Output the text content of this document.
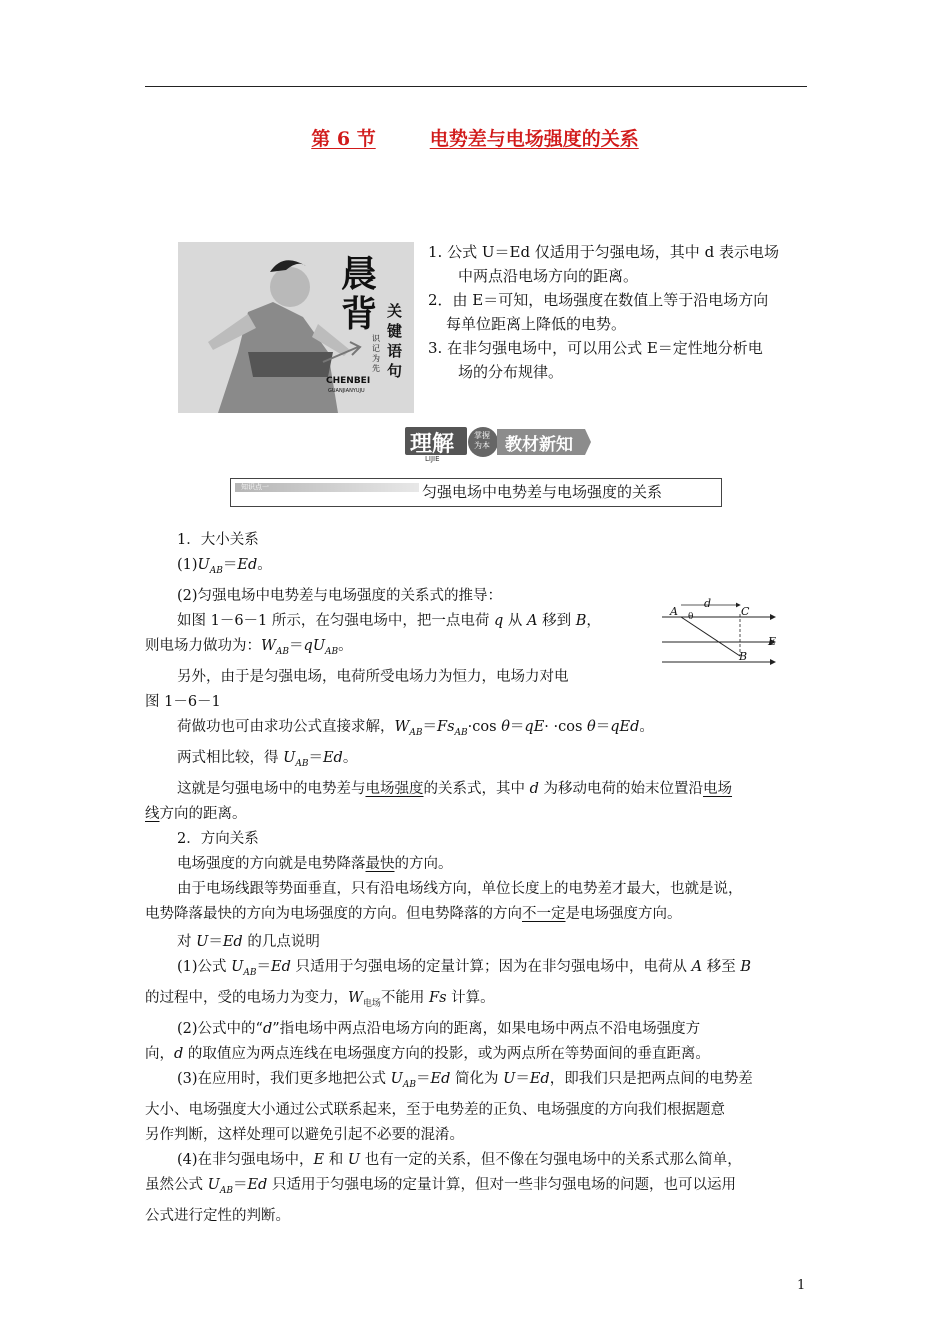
第 6 节	电势差与电场强度的关系
晨
背 关
键
语
句
识记为先
CHENBEI
GUANJIANYUJU

1. 公式 U＝Ed 仅适用于匀强电场，其中 d 表示电场

中两点沿电场方向的距离。

2．由 E＝可知，电场强度在数值上等于沿电场方向

每单位距离上降低的电势。

3. 在非匀强电场中，可以用公式 E＝定性地分析电

场的分布规律。

理解 掌握为本 教材新知
LIJIE
知识点一	匀强电场中电势差与电场强度的关系
A
d
C
θ
E
B

1．大小关系

$(1)U_{AB}=Ed$。

(2)匀强电场中电势差与电场强度的关系式的推导：

如图 1－6－1 所示，在匀强电场中，把一点电荷 q 从 A 移到 B，

则电场力做功为：$W_{AB}=qU_{AB}$。

另外，由于是匀强电场，电荷所受电场力为恒力，电场力对电

图 1－6－1

荷做功也可由求功公式直接求解，$W_{AB}=Fs_{AB}\cdot\cos$ θ＝qE· ·cos θ＝qEd。

两式相比较，得 $U_{AB}=Ed$。

这就是匀强电场中的电势差与电场强度的关系式，其中 d 为移动电荷的始末位置沿电场

线方向的距离。

2．方向关系

电场强度的方向就是电势降落最快的方向。

由于电场线跟等势面垂直，只有沿电场线方向，单位长度上的电势差才最大，也就是说，

电势降落最快的方向为电场强度的方向。但电势降落的方向不一定是电场强度方向。

对 U＝Ed 的几点说明

(1)公式 $U_{AB}=Ed$ 只适用于匀强电场的定量计算；因为在非匀强电场中，电荷从 A 移至 B

的过程中，受的电场力为变力，$W_{电场}$不能用 Fs 计算。

(2)公式中的“d”指电场中两点沿电场方向的距离，如果电场中两点不沿电场强度方

向，d 的取值应为两点连线在电场强度方向的投影，或为两点所在等势面间的垂直距离。

(3)在应用时，我们更多地把公式 $U_{AB}=Ed$ 简化为 U＝Ed，即我们只是把两点间的电势差

大小、电场强度大小通过公式联系起来，至于电势差的正负、电场强度的方向我们根据题意

另作判断，这样处理可以避免引起不必要的混淆。

(4)在非匀强电场中，E 和 U 也有一定的关系，但不像在匀强电场中的关系式那么简单，

虽然公式 $U_{AB}=Ed$ 只适用于匀强电场的定量计算，但对一些非匀强电场的问题，也可以运用

公式进行定性的判断。

1
